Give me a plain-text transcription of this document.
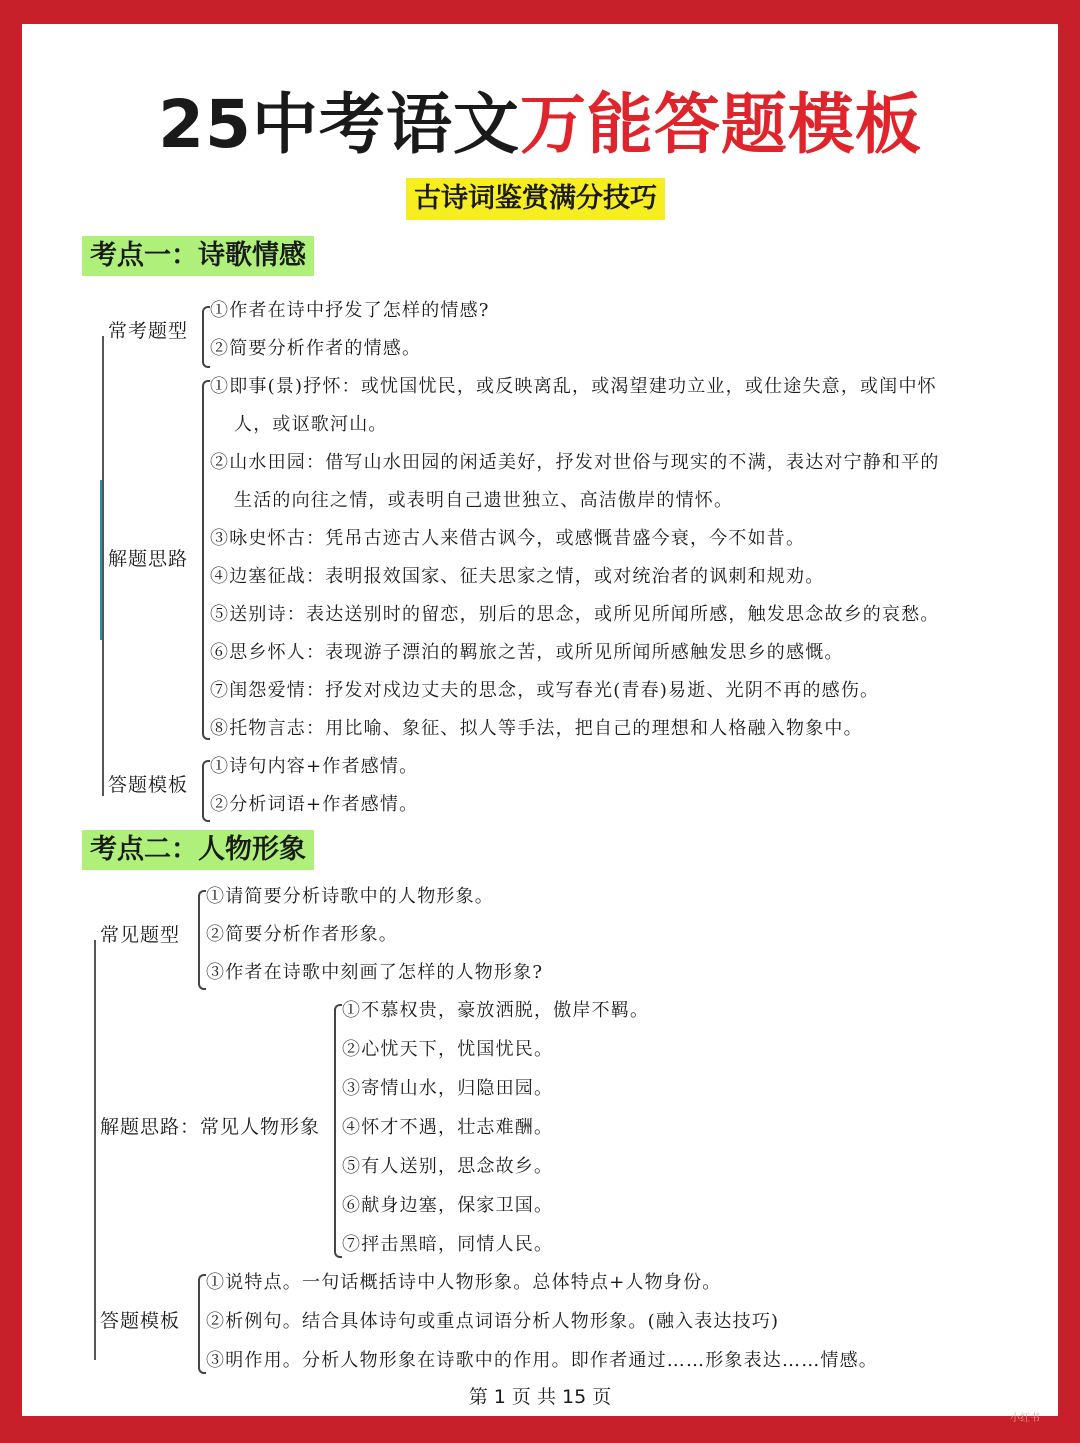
25中考语文万能答题模板
古诗词鉴赏满分技巧
考点一：诗歌情感
常考题型
①作者在诗中抒发了怎样的情感?
②简要分析作者的情感。
解题思路
①即事(景)抒怀：或忧国忧民，或反映离乱，或渴望建功立业，或仕途失意，或闺中怀
人，或讴歌河山。
②山水田园：借写山水田园的闲适美好，抒发对世俗与现实的不满，表达对宁静和平的
生活的向往之情，或表明自己遗世独立、高洁傲岸的情怀。
③咏史怀古：凭吊古迹古人来借古讽今，或感慨昔盛今衰，今不如昔。
④边塞征战：表明报效国家、征夫思家之情，或对统治者的讽刺和规劝。
⑤送别诗：表达送别时的留恋，别后的思念，或所见所闻所感，触发思念故乡的哀愁。
⑥思乡怀人：表现游子漂泊的羁旅之苦，或所见所闻所感触发思乡的感慨。
⑦闺怨爱情：抒发对戍边丈夫的思念，或写春光(青春)易逝、光阴不再的感伤。
⑧托物言志：用比喻、象征、拟人等手法，把自己的理想和人格融入物象中。
答题模板
①诗句内容+作者感情。
②分析词语+作者感情。
考点二：人物形象
常见题型
①请简要分析诗歌中的人物形象。
②简要分析作者形象。
③作者在诗歌中刻画了怎样的人物形象?
解题思路：常见人物形象
①不慕权贵，豪放洒脱，傲岸不羁。
②心忧天下，忧国忧民。
③寄情山水，归隐田园。
④怀才不遇，壮志难酬。
⑤有人送别，思念故乡。
⑥献身边塞，保家卫国。
⑦抨击黑暗，同情人民。
答题模板
①说特点。一句话概括诗中人物形象。总体特点+人物身份。
②析例句。结合具体诗句或重点词语分析人物形象。(融入表达技巧)
③明作用。分析人物形象在诗歌中的作用。即作者通过……形象表达……情感。
第 1 页 共 15 页
小红书
